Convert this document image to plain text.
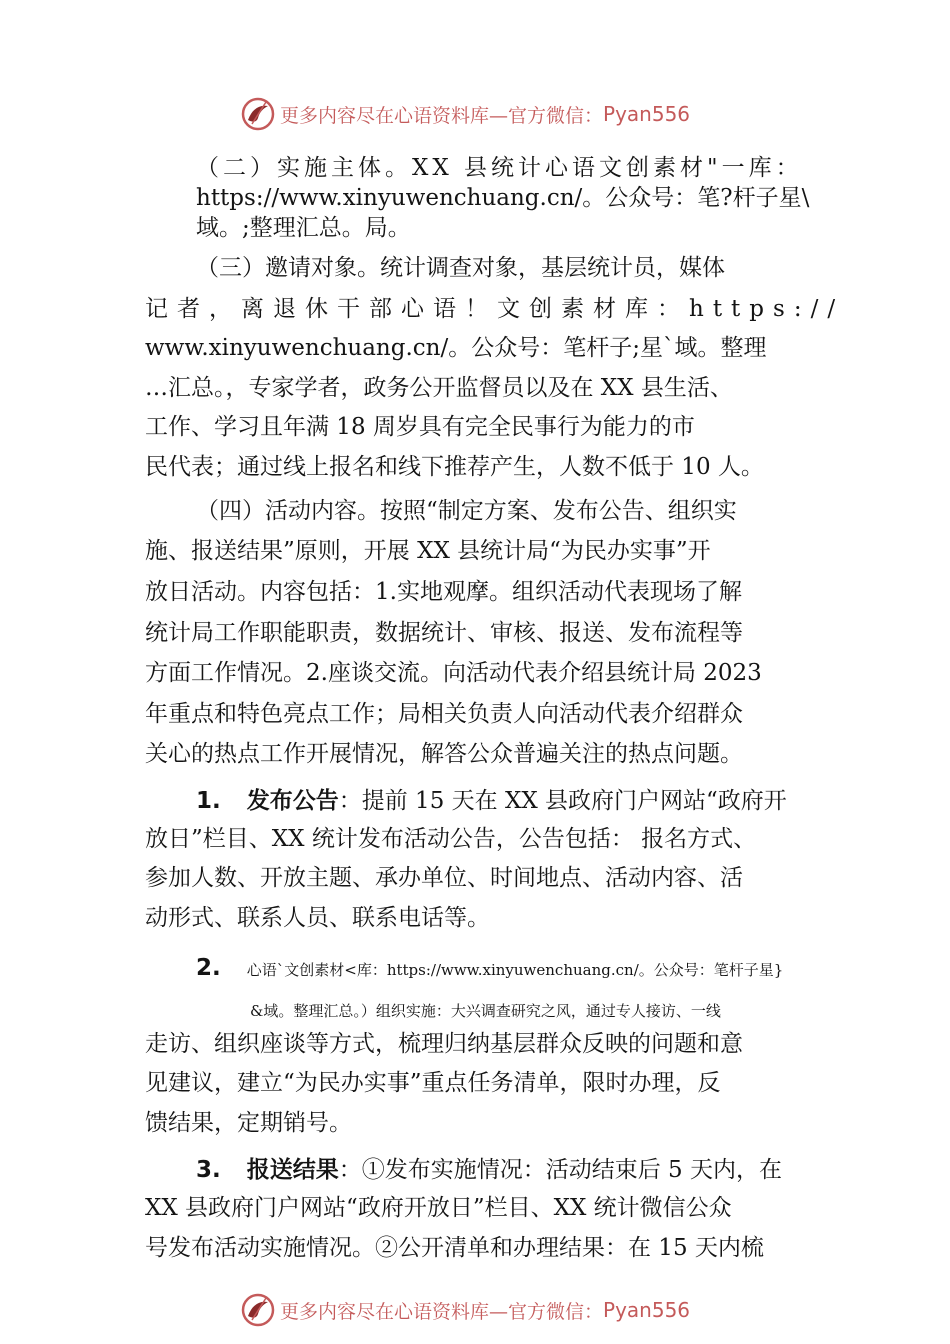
更多内容尽在心语资料库—官方微信： Pyan556
（二）实施主体。XX 县统计心语文创素材"一库：
https://www.xinyuwenchuang.cn/。公众号：笔?杆子星\
域。;整理汇总。局。
（三）邀请对象。统计调查对象，基层统计员，媒体
记者，离退休干部心语！文创素材库：https://
www.xinyuwenchuang.cn/。公众号：笔杆子;星`域。整理
…汇总。，专家学者，政务公开监督员以及在 XX 县生活、
工作、学习且年满 18 周岁具有完全民事行为能力的市
民代表；通过线上报名和线下推荐产生，人数不低于 10 人。
（四）活动内容。按照“制定方案、发布公告、组织实
施、报送结果”原则，开展 XX 县统计局“为民办实事”开
放日活动。内容包括：1.实地观摩。组织活动代表现场了解
统计局工作职能职责，数据统计、审核、报送、发布流程等
方面工作情况。2.座谈交流。向活动代表介绍县统计局 2023
年重点和特色亮点工作；局相关负责人向活动代表介绍群众
关心的热点工作开展情况，解答公众普遍关注的热点问题。
1. 发布公告：提前 15 天在 XX 县政府门户网站“政府开
放日”栏目、XX 统计发布活动公告，公告包括： 报名方式、
参加人数、开放主题、承办单位、时间地点、活动内容、活
动形式、联系人员、联系电话等。
2. 心语`文创素材<库：https://www.xinyuwenchuang.cn/。公众号：笔杆子星}
&域。整理汇总。）组织实施：大兴调查研究之风，通过专人接访、一线
走访、组织座谈等方式，梳理归纳基层群众反映的问题和意
见建议，建立“为民办实事”重点任务清单，限时办理，反
馈结果，定期销号。
3. 报送结果：①发布实施情况：活动结束后 5 天内，在
XX 县政府门户网站“政府开放日”栏目、XX 统计微信公众
号发布活动实施情况。②公开清单和办理结果：在 15 天内梳
更多内容尽在心语资料库—官方微信： Pyan556
